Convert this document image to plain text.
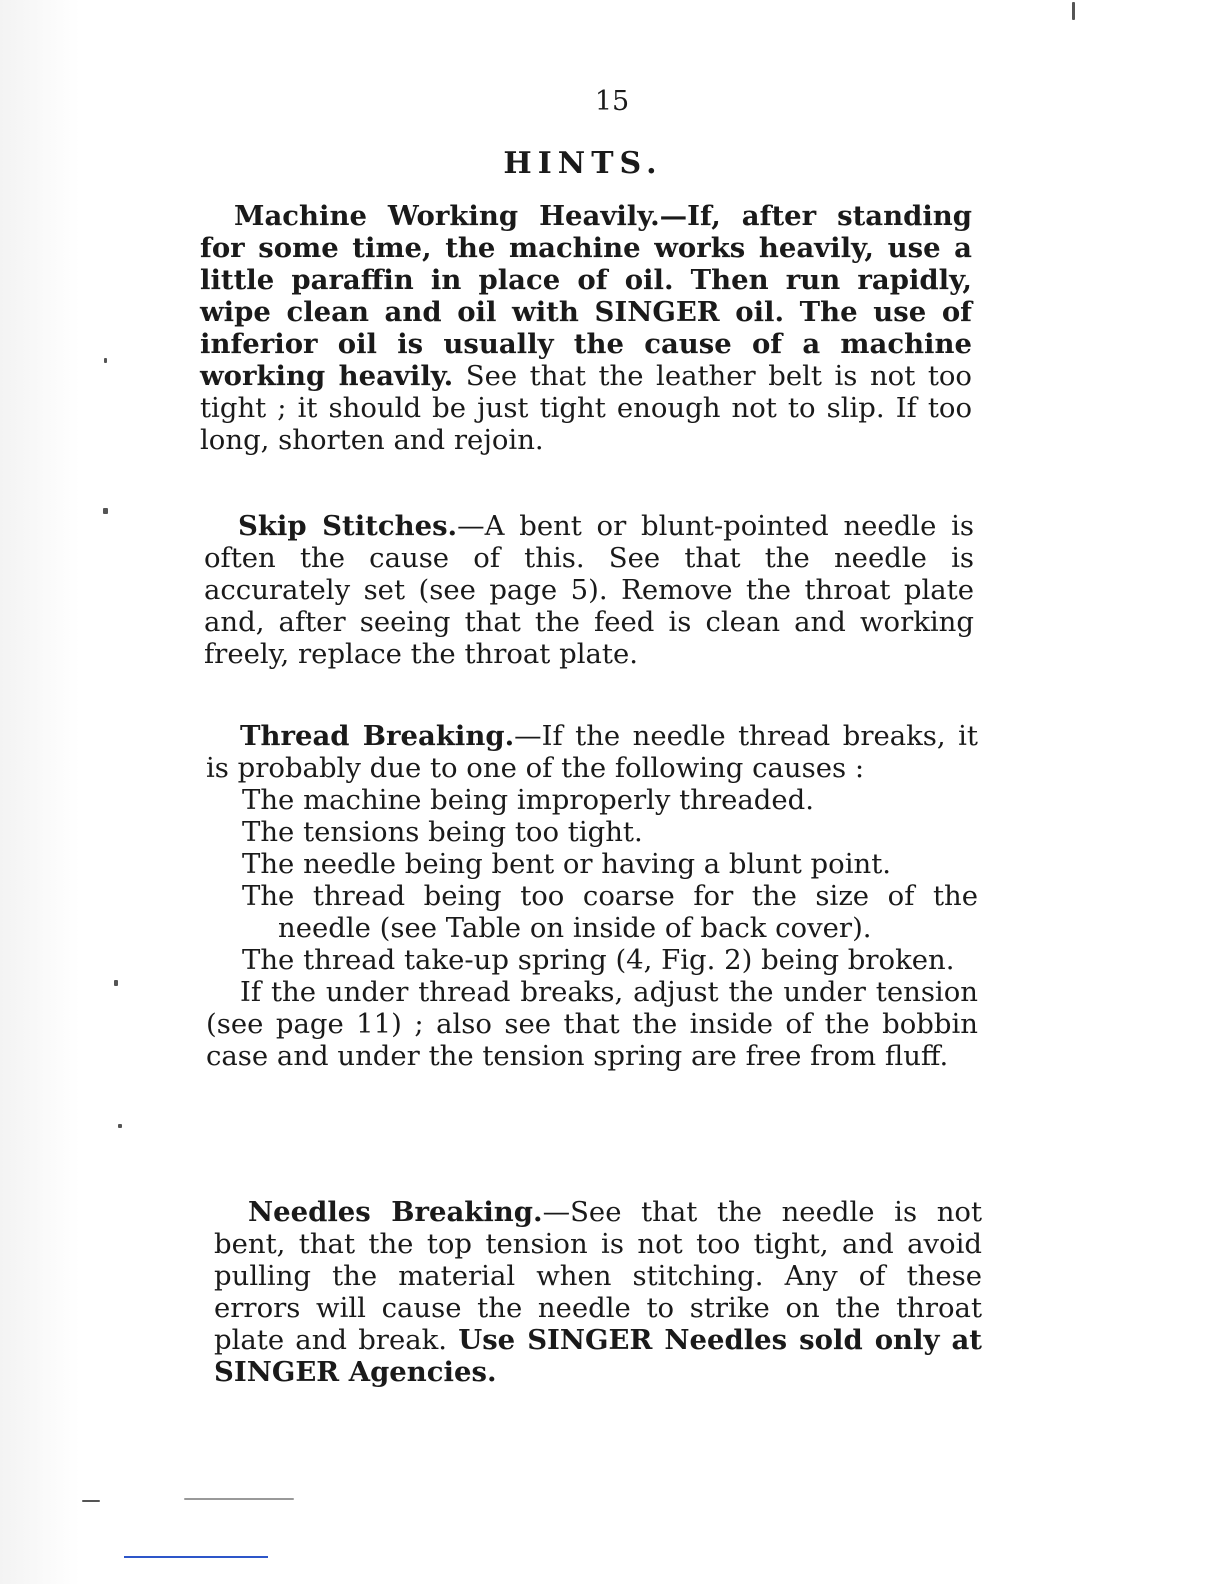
15
HINTS.

Machine Working Heavily.—If, after standing for some time, the machine works heavily, use a little paraffin in place of oil. Then run rapidly, wipe clean and oil with SINGER oil. The use of inferior oil is usually the cause of a machine working heavily. See that the leather belt is not too tight ; it should be just tight enough not to slip. If too long, shorten and rejoin.

Skip Stitches.—A bent or blunt-pointed needle is often the cause of this. See that the needle is accurately set (see page 5). Remove the throat plate and, after seeing that the feed is clean and working freely, replace the throat plate.

Thread Breaking.—If the needle thread breaks, it is probably due to one of the following causes :

The machine being improperly threaded.
The tensions being too tight.
The needle being bent or having a blunt point.
The thread being too coarse for the size of the needle (see Table on inside of back cover).
The thread take-up spring (4, Fig. 2) being broken.

If the under thread breaks, adjust the under tension (see page 11) ; also see that the inside of the bobbin case and under the tension spring are free from fluff.

Needles Breaking.—See that the needle is not bent, that the top tension is not too tight, and avoid pulling the material when stitching. Any of these errors will cause the needle to strike on the throat plate and break. Use SINGER Needles sold only at SINGER Agencies.
